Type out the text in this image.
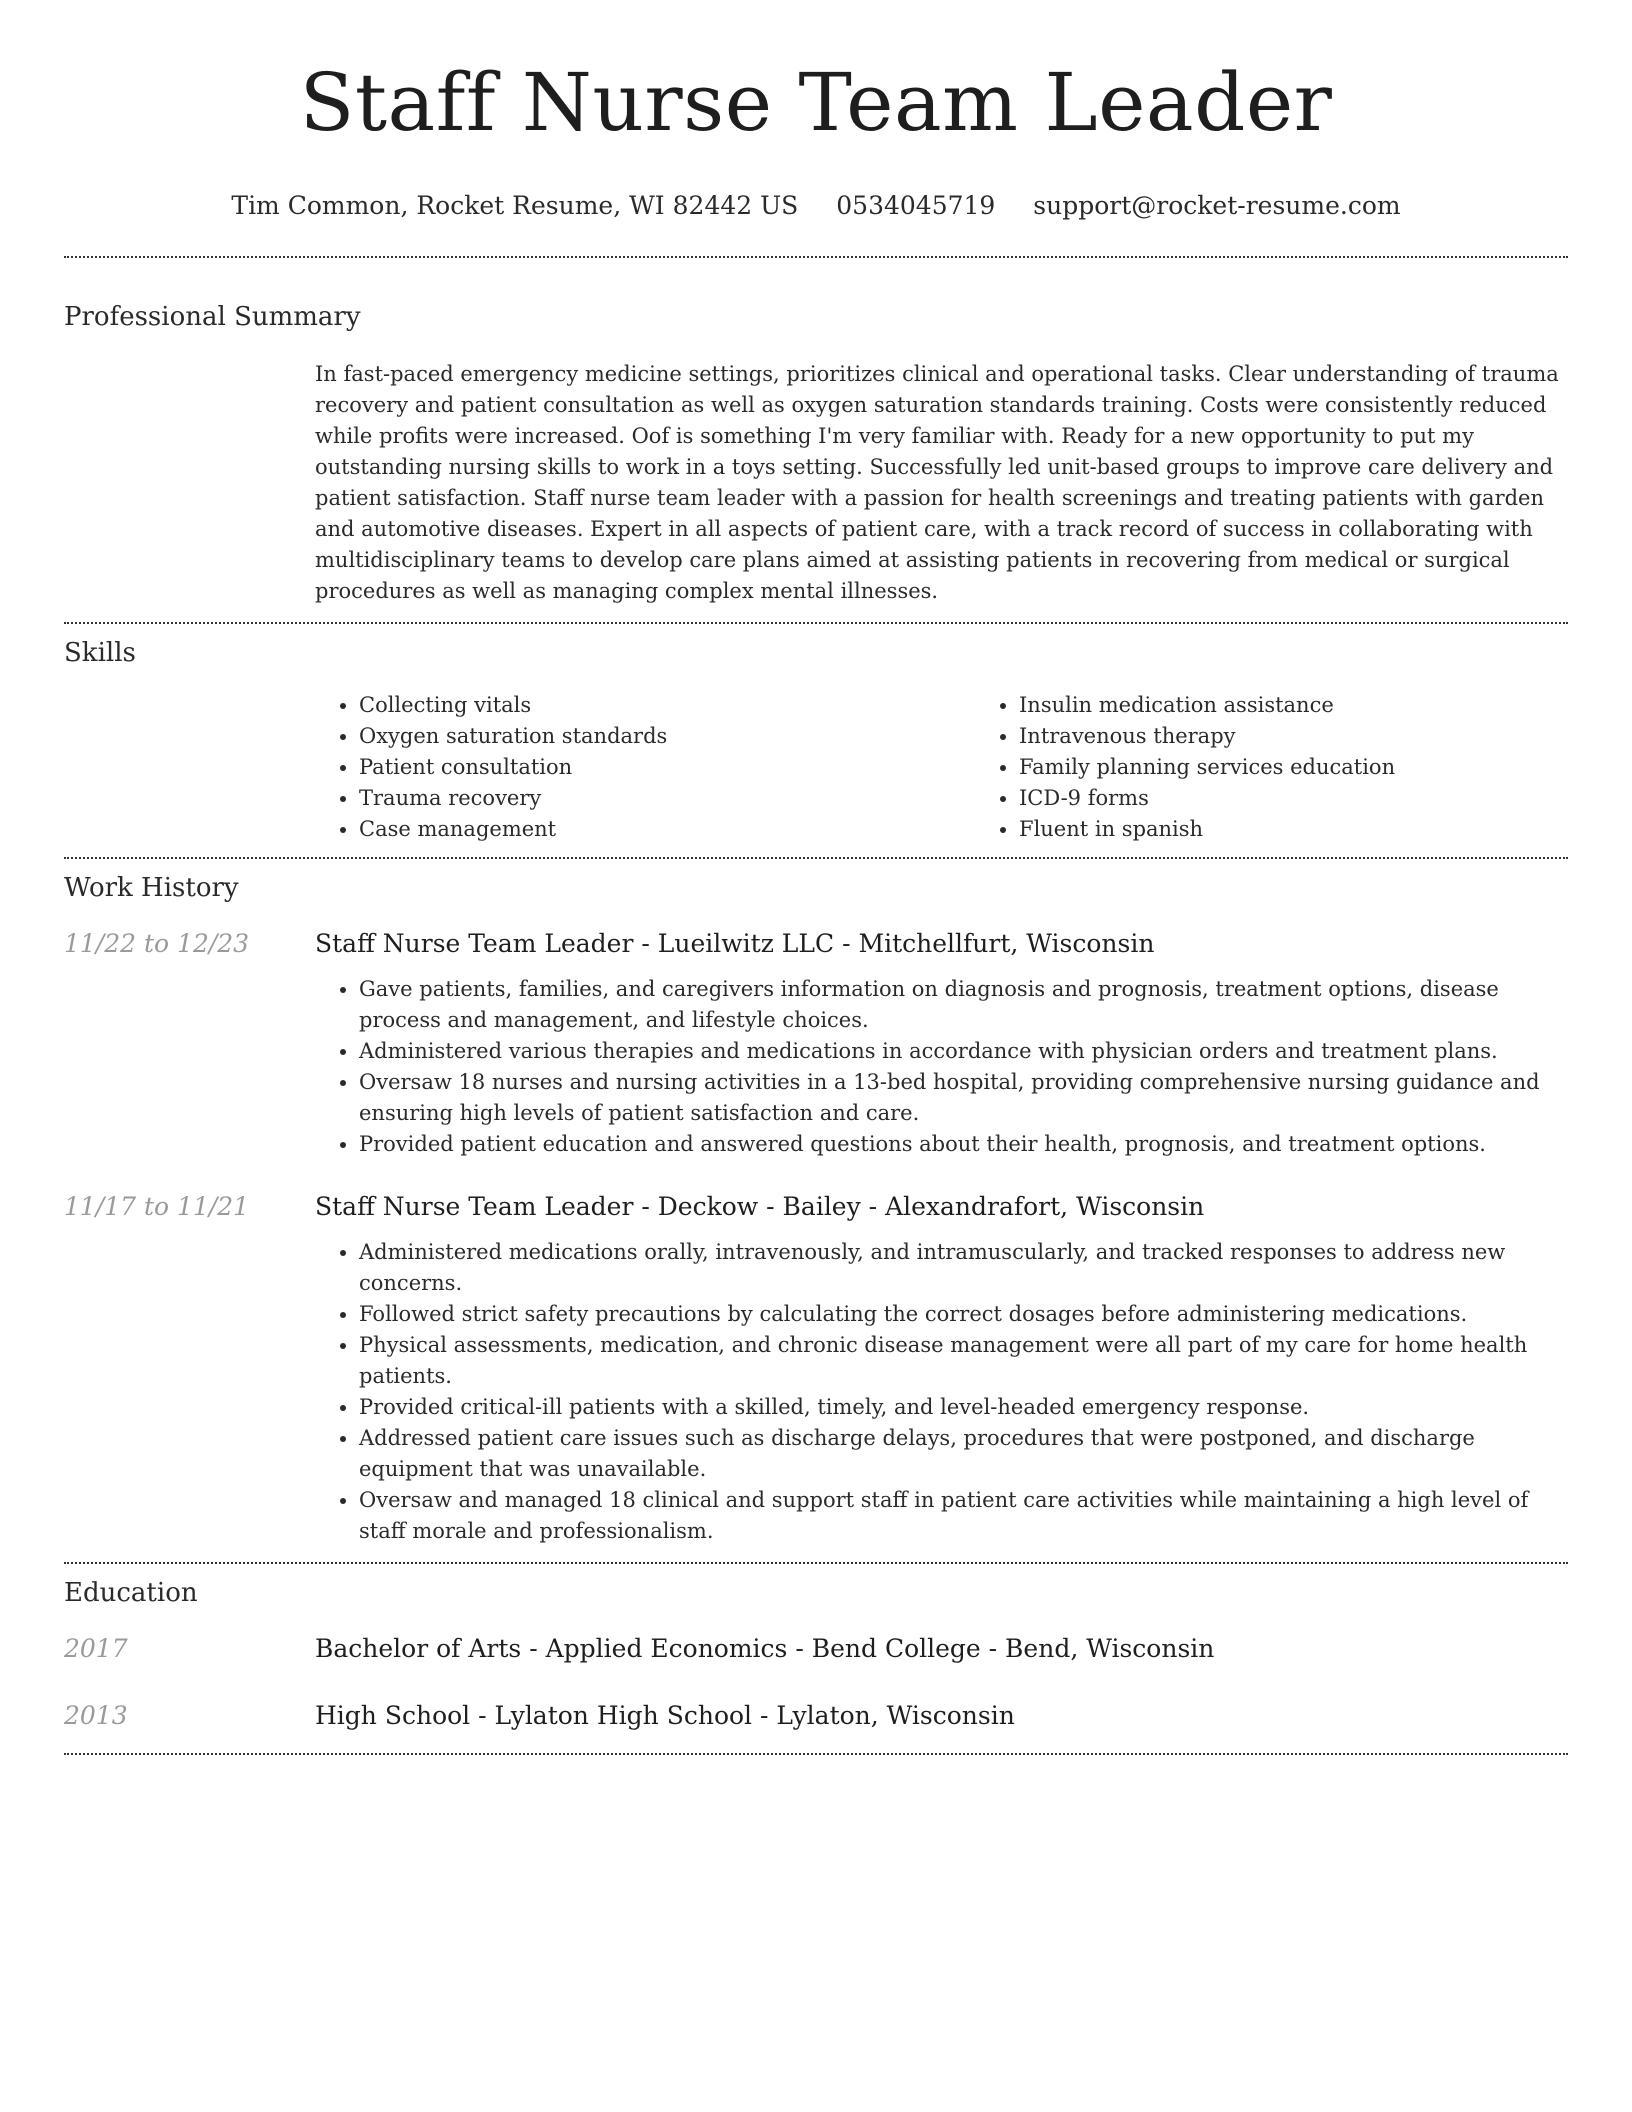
Staff Nurse Team Leader
Tim Common, Rocket Resume, WI 82442 US 0534045719 support@rocket-resume.com
Professional Summary

In fast-paced emergency medicine settings, prioritizes clinical and operational tasks. Clear understanding of trauma recovery and patient consultation as well as oxygen saturation standards training. Costs were consistently reduced while profits were increased. Oof is something I'm very familiar with. Ready for a new opportunity to put my outstanding nursing skills to work in a toys setting. Successfully led unit-based groups to improve care delivery and patient satisfaction. Staff nurse team leader with a passion for health screenings and treating patients with garden and automotive diseases. Expert in all aspects of patient care, with a track record of success in collaborating with multidisciplinary teams to develop care plans aimed at assisting patients in recovering from medical or surgical procedures as well as managing complex mental illnesses.

Skills
• Collecting vitals
• Oxygen saturation standards
• Patient consultation
• Trauma recovery
• Case management
• Insulin medication assistance
• Intravenous therapy
• Family planning services education
• ICD-9 forms
• Fluent in spanish
Work History
11/22 to 12/23	Staff Nurse Team Leader - Lueilwitz LLC - Mitchellfurt, Wisconsin
• Gave patients, families, and caregivers information on diagnosis and prognosis, treatment options, disease process and management, and lifestyle choices.
• Administered various therapies and medications in accordance with physician orders and treatment plans.
• Oversaw 18 nurses and nursing activities in a 13-bed hospital, providing comprehensive nursing guidance and ensuring high levels of patient satisfaction and care.
• Provided patient education and answered questions about their health, prognosis, and treatment options.
11/17 to 11/21	Staff Nurse Team Leader - Deckow - Bailey - Alexandrafort, Wisconsin
• Administered medications orally, intravenously, and intramuscularly, and tracked responses to address new concerns.
• Followed strict safety precautions by calculating the correct dosages before administering medications.
• Physical assessments, medication, and chronic disease management were all part of my care for home health patients.
• Provided critical-ill patients with a skilled, timely, and level-headed emergency response.
• Addressed patient care issues such as discharge delays, procedures that were postponed, and discharge equipment that was unavailable.
• Oversaw and managed 18 clinical and support staff in patient care activities while maintaining a high level of staff morale and professionalism.
Education
2017	Bachelor of Arts - Applied Economics - Bend College - Bend, Wisconsin
2013	High School - Lylaton High School - Lylaton, Wisconsin
